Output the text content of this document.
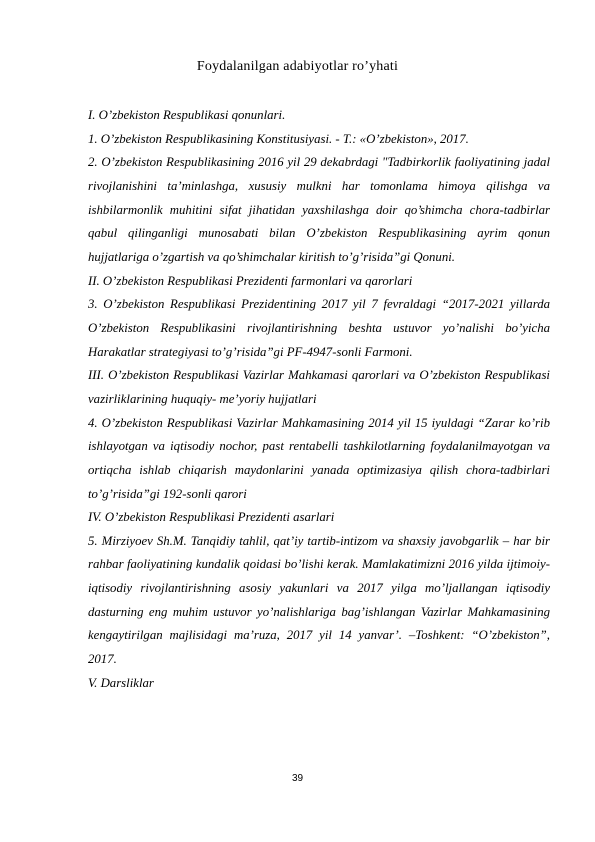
Foydalanilgan adabiyotlar ro’yhati

I. O’zbekiston Respublikasi qonunlari.

1. O’zbekiston Respublikasining Konstitusiyasi. - T.: «O’zbekiston», 2017.

2. O’zbekiston Respublikasining 2016 yil 29 dekabrdagi "Tadbirkorlik faoliyatining jadal rivojlanishini ta’minlashga, xususiy mulkni har tomonlama himoya qilishga va ishbilarmonlik muhitini sifat jihatidan yaxshilashga doir qo’shimcha chora-tadbirlar qabul qilinganligi munosabati bilan O’zbekiston Respublikasining ayrim qonun hujjatlariga o’zgartish va qo’shimchalar kiritish to’g’risida”gi Qonuni.

II. O’zbekiston Respublikasi Prezidenti farmonlari va qarorlari

3. O’zbekiston Respublikasi Prezidentining 2017 yil 7 fevraldagi “2017-2021 yillarda O’zbekiston Respublikasini rivojlantirishning beshta ustuvor yo’nalishi bo’yicha Harakatlar strategiyasi to’g’risida”gi PF-4947-sonli Farmoni.

III. O’zbekiston Respublikasi Vazirlar Mahkamasi qarorlari va O’zbekiston Respublikasi vazirliklarining huquqiy- me’yoriy hujjatlari

4. O’zbekiston Respublikasi Vazirlar Mahkamasining 2014 yil 15 iyuldagi “Zarar ko’rib ishlayotgan va iqtisodiy nochor, past rentabelli tashkilotlarning foydalanilmayotgan va ortiqcha ishlab chiqarish maydonlarini yanada optimizasiya qilish chora-tadbirlari to’g’risida”gi 192-sonli qarori

IV. O’zbekiston Respublikasi Prezidenti asarlari

5. Mirziyoev Sh.M. Tanqidiy tahlil, qat’iy tartib-intizom va shaxsiy javobgarlik – har bir rahbar faoliyatining kundalik qoidasi bo’lishi kerak. Mamlakatimizni 2016 yilda ijtimoiy-iqtisodiy rivojlantirishning asosiy yakunlari va 2017 yilga mo’ljallangan iqtisodiy dasturning eng muhim ustuvor yo’nalishlariga bag’ishlangan Vazirlar Mahkamasining kengaytirilgan majlisidagi ma’ruza, 2017 yil 14 yanvar’. –Toshkent: “O’zbekiston”, 2017.

V. Darsliklar

39
